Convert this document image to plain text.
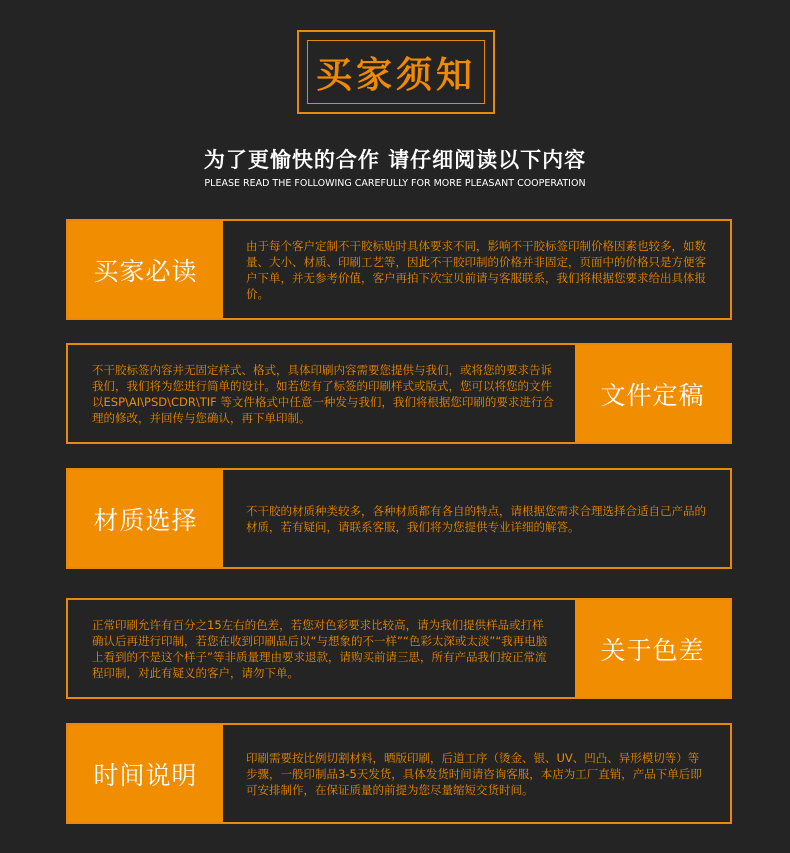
买家须知
为了更愉快的合作 请仔细阅读以下内容
PLEASE READ THE FOLLOWING CAREFULLY FOR MORE PLEASANT COOPERATION
买家必读
由于每个客户定制不干胶标贴时具体要求不同，影响不干胶标签印制价格因素也较多，如数量、大小、材质、印刷工艺等，因此不干胶印制的价格并非固定，页面中的价格只是方便客户下单，并无参考价值，客户再拍下次宝贝前请与客服联系，我们将根据您要求给出具体报价。
不干胶标签内容并无固定样式、格式，具体印刷内容需要您提供与我们，或将您的要求告诉我们，我们将为您进行简单的设计。如若您有了标签的印刷样式或版式，您可以将您的文件以ESP\AI\PSD\CDR\TIF 等文件格式中任意一种发与我们，我们将根据您印刷的要求进行合理的修改，并回传与您确认，再下单印制。
文件定稿
材质选择	不干胶的材质种类较多，各种材质都有各自的特点，请根据您需求合理选择合适自己产品的材质，若有疑问，请联系客服，我们将为您提供专业详细的解答。
正常印刷允许有百分之15左右的色差，若您对色彩要求比较高，请为我们提供样品或打样确认后再进行印制，若您在收到印刷品后以“与想象的不一样”“色彩太深或太淡”“我再电脑上看到的不是这个样子”等非质量理由要求退款，请购买前请三思，所有产品我们按正常流程印制，对此有疑义的客户，请勿下单。
关于色差
时间说明
印刷需要按比例切割材料，晒版印刷，后道工序（烫金、银、UV、凹凸、异形模切等）等步骤，一般印制品3-5天发货，具体发货时间请咨询客服，本店为工厂直销，产品下单后即可安排制作，在保证质量的前提为您尽量缩短交货时间。
